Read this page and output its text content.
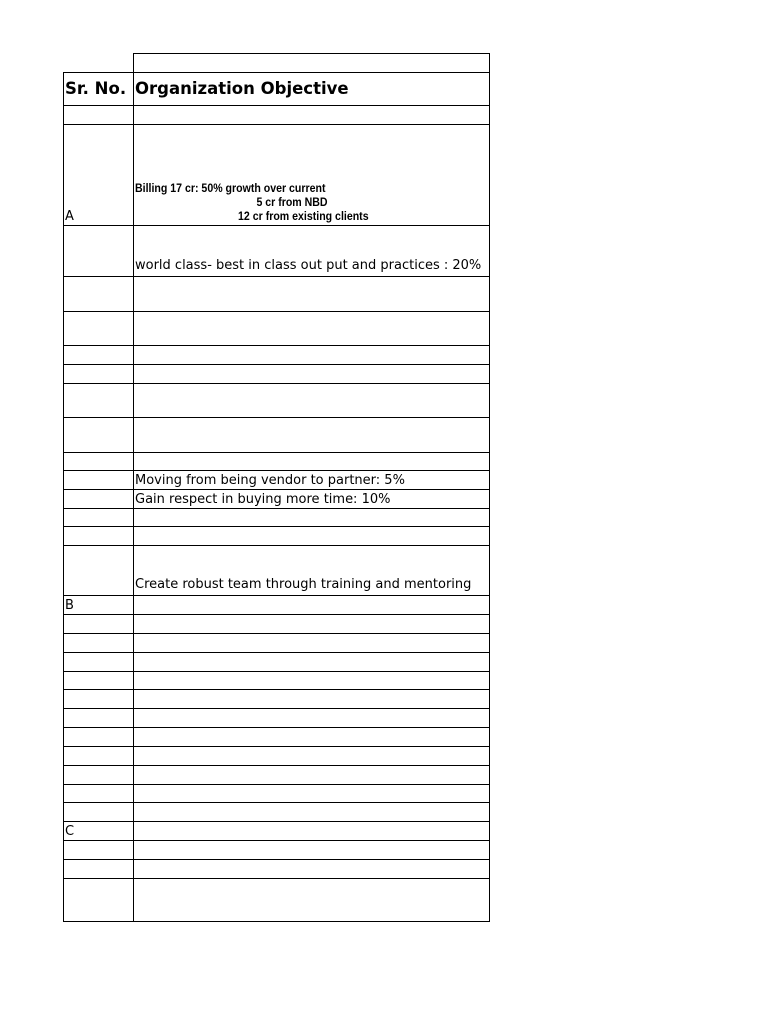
Sr. No. Organization Objective
A
Billing 17 cr: 50% growth over current
5 cr from NBD
12 cr from existing clients
world class- best in class out put and practices : 20%
Moving from being vendor to partner: 5%
Gain respect in buying more time: 10%
Create robust team through training and mentoring
B
C
